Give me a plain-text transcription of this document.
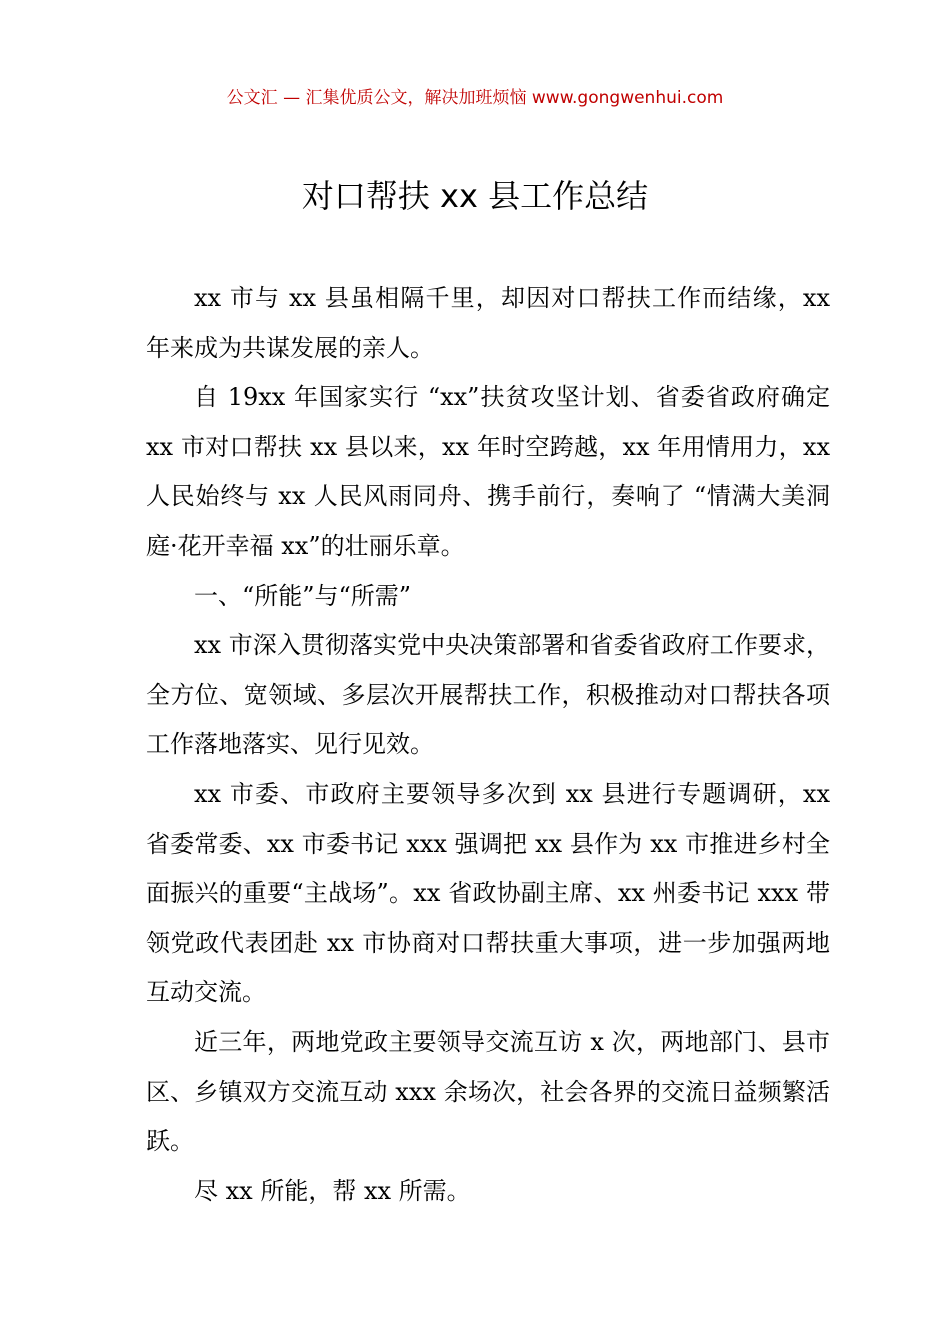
公文汇 — 汇集优质公文，解决加班烦恼 www.gongwenhui.com
对口帮扶 xx 县工作总结

xx 市与 xx 县虽相隔千里，却因对口帮扶工作而结缘，xx 年来成为共谋发展的亲人。

自 19xx 年国家实行 “xx”扶贫攻坚计划、省委省政府确定 xx 市对口帮扶 xx 县以来，xx 年时空跨越，xx 年用情用力，xx 人民始终与 xx 人民风雨同舟、携手前行，奏响了 “情满大美洞庭·花开幸福 xx”的壮丽乐章。

一、“所能”与“所需”

xx 市深入贯彻落实党中央决策部署和省委省政府工作要求，全方位、宽领域、多层次开展帮扶工作，积极推动对口帮扶各项工作落地落实、见行见效。

xx 市委、市政府主要领导多次到 xx 县进行专题调研，xx 省委常委、xx 市委书记 xxx 强调把 xx 县作为 xx 市推进乡村全面振兴的重要“主战场”。xx 省政协副主席、xx 州委书记 xxx 带领党政代表团赴 xx 市协商对口帮扶重大事项，进一步加强两地互动交流。

近三年，两地党政主要领导交流互访 x 次，两地部门、县市区、乡镇双方交流互动 xxx 余场次，社会各界的交流日益频繁活跃。

尽 xx 所能，帮 xx 所需。
